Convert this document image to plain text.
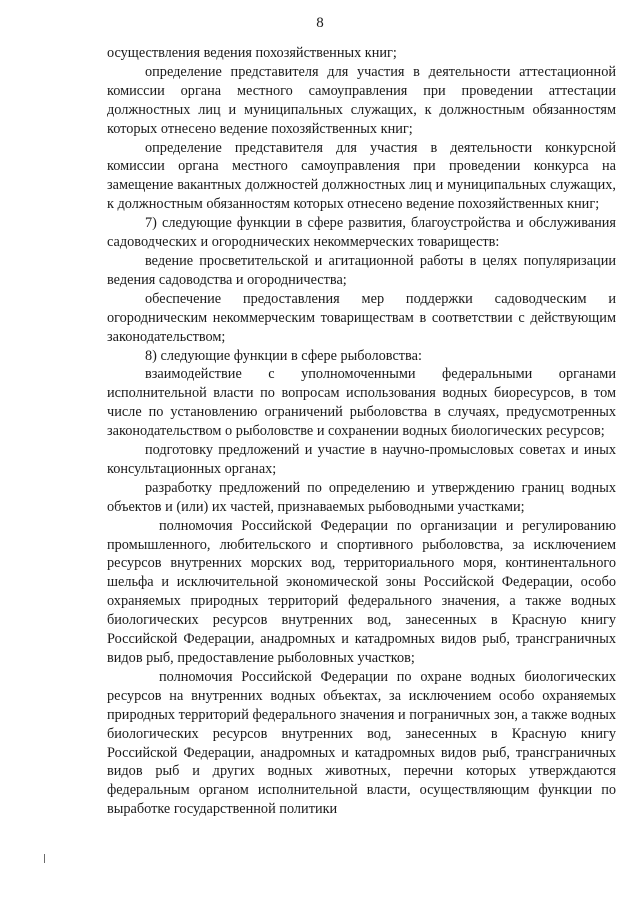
8

осуществления ведения похозяйственных книг;

определение представителя для участия в деятельности аттестационной комиссии органа местного самоуправления при проведении аттестации должностных лиц и муниципальных служащих, к должностным обязанностям которых отнесено ведение похозяйственных книг;

определение представителя для участия в деятельности конкурсной комиссии органа местного самоуправления при проведении конкурса на замещение вакантных должностей должностных лиц и муниципальных служащих, к должностным обязанностям которых отнесено ведение похозяйственных книг;

7) следующие функции в сфере развития, благоустройства и обслуживания садоводческих и огороднических некоммерческих товариществ:

ведение просветительской и агитационной работы в целях популяризации ведения садоводства и огородничества;

обеспечение предоставления мер поддержки садоводческим и огородническим некоммерческим товариществам в соответствии с действующим законодательством;

8) следующие функции в сфере рыболовства:

взаимодействие с уполномоченными федеральными органами исполнительной власти по вопросам использования водных биоресурсов, в том числе по установлению ограничений рыболовства в случаях, предусмотренных законодательством о рыболовстве и сохранении водных биологических ресурсов;

подготовку предложений и участие в научно-промысловых советах и иных консультационных органах;

разработку предложений по определению и утверждению границ водных объектов и (или) их частей, признаваемых рыбоводными участками;

полномочия Российской Федерации по организации и регулированию промышленного, любительского и спортивного рыболовства, за исключением ресурсов внутренних морских вод, территориального моря, континентального шельфа и исключительной экономической зоны Российской Федерации, особо охраняемых природных территорий федерального значения, а также водных биологических ресурсов внутренних вод, занесенных в Красную книгу Российской Федерации, анадромных и катадромных видов рыб, трансграничных видов рыб, предоставление рыболовных участков;

полномочия Российской Федерации по охране водных биологических ресурсов на внутренних водных объектах, за исключением особо охраняемых природных территорий федерального значения и пограничных зон, а также водных биологических ресурсов внутренних вод, занесенных в Красную книгу Российской Федерации, анадромных и катадромных видов рыб, трансграничных видов рыб и других водных животных, перечни которых утверждаются федеральным органом исполнительной власти, осуществляющим функции по выработке государственной политики
